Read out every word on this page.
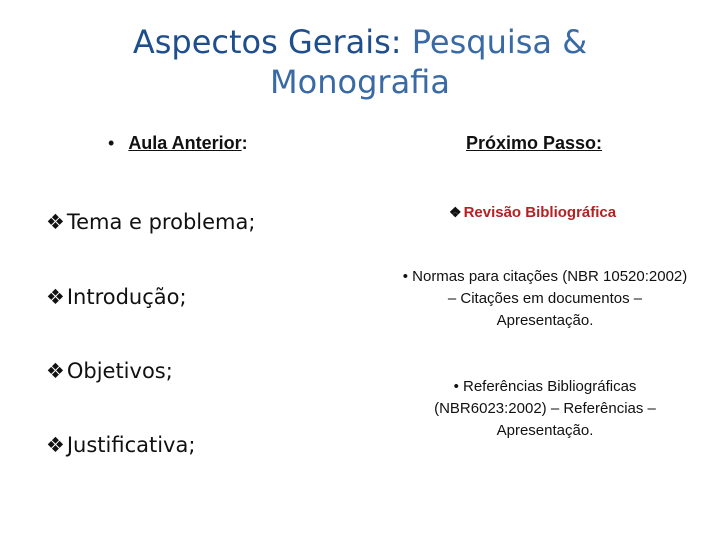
Aspectos Gerais: Pesquisa &
Monografia
• Aula Anterior:	Próximo Passo:
❖Tema e problema;
❖Introdução;
❖Objetivos;
❖Justificativa;
❖ Revisão Bibliográfica
• Normas para citações (NBR 10520:2002) – Citações em documentos – Apresentação.
• Referências Bibliográficas (NBR6023:2002) – Referências – Apresentação.
